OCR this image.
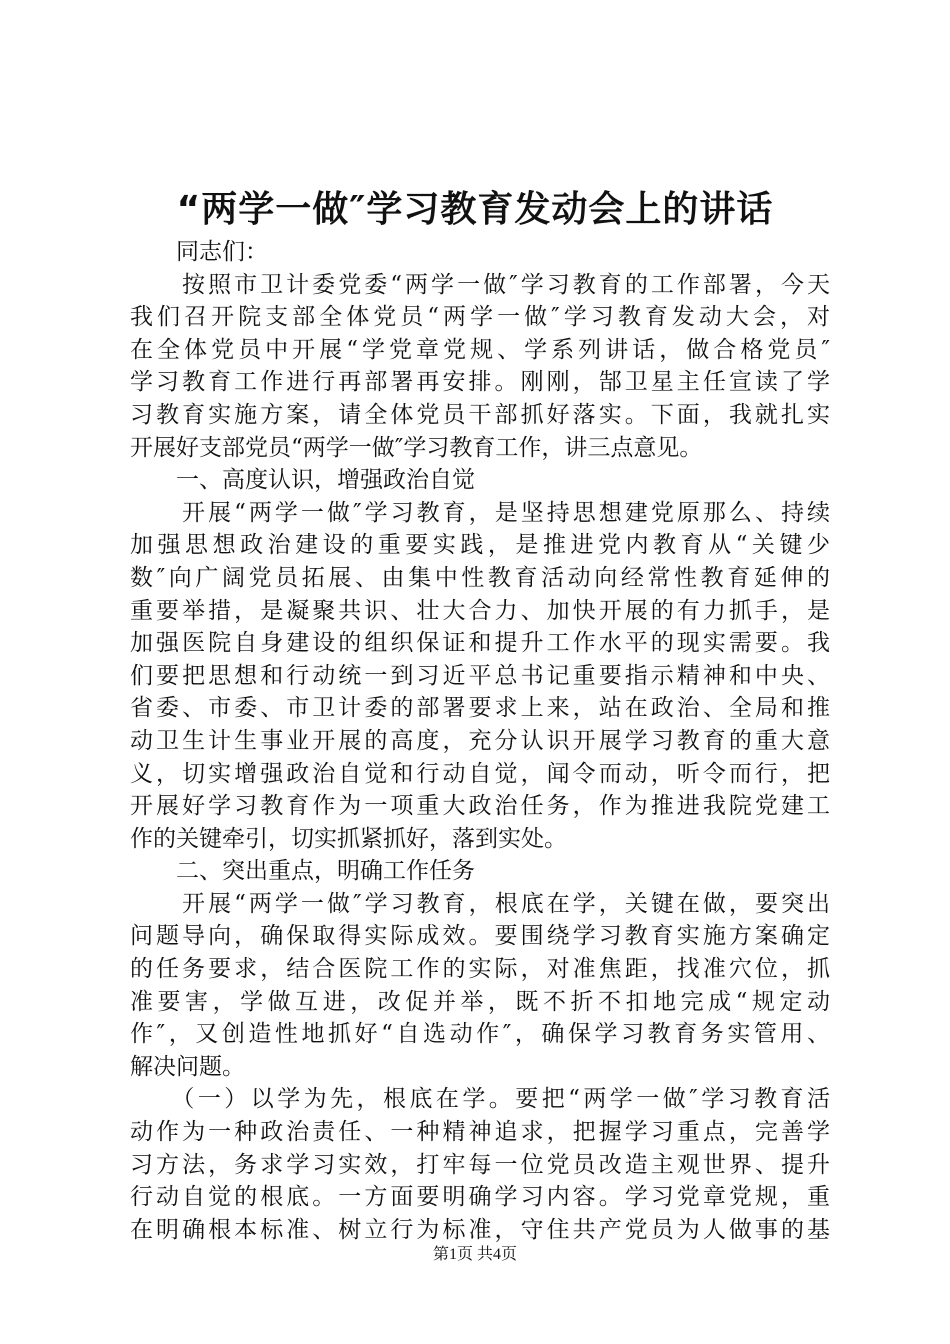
“两学一做″学习教育发动会上的讲话
　　同志们：
　　按照市卫计委党委“两学一做″学习教育的工作部署，今天
我们召开院支部全体党员“两学一做″学习教育发动大会，对
在全体党员中开展“学党章党规、学系列讲话，做合格党员″
学习教育工作进行再部署再安排。刚刚，郜卫星主任宣读了学
习教育实施方案，请全体党员干部抓好落实。下面，我就扎实
开展好支部党员“两学一做″学习教育工作，讲三点意见。
　　一、高度认识，增强政治自觉
　　开展“两学一做″学习教育，是坚持思想建党原那么、持续
加强思想政治建设的重要实践，是推进党内教育从“关键少
数″向广阔党员拓展、由集中性教育活动向经常性教育延伸的
重要举措，是凝聚共识、壮大合力、加快开展的有力抓手，是
加强医院自身建设的组织保证和提升工作水平的现实需要。我
们要把思想和行动统一到习近平总书记重要指示精神和中央、
省委、市委、市卫计委的部署要求上来，站在政治、全局和推
动卫生计生事业开展的高度，充分认识开展学习教育的重大意
义，切实增强政治自觉和行动自觉，闻令而动，听令而行，把
开展好学习教育作为一项重大政治任务，作为推进我院党建工
作的关键牵引，切实抓紧抓好，落到实处。
　　二、突出重点，明确工作任务
　　开展“两学一做″学习教育，根底在学，关键在做，要突出
问题导向，确保取得实际成效。要围绕学习教育实施方案确定
的任务要求，结合医院工作的实际，对准焦距，找准穴位，抓
准要害，学做互进，改促并举，既不折不扣地完成“规定动
作″，又创造性地抓好“自选动作″，确保学习教育务实管用、
解决问题。
　　（一）以学为先，根底在学。要把“两学一做″学习教育活
动作为一种政治责任、一种精神追求，把握学习重点，完善学
习方法，务求学习实效，打牢每一位党员改造主观世界、提升
行动自觉的根底。一方面要明确学习内容。学习党章党规，重
在明确根本标准、树立行为标准，守住共产党员为人做事的基
第1页 共4页
